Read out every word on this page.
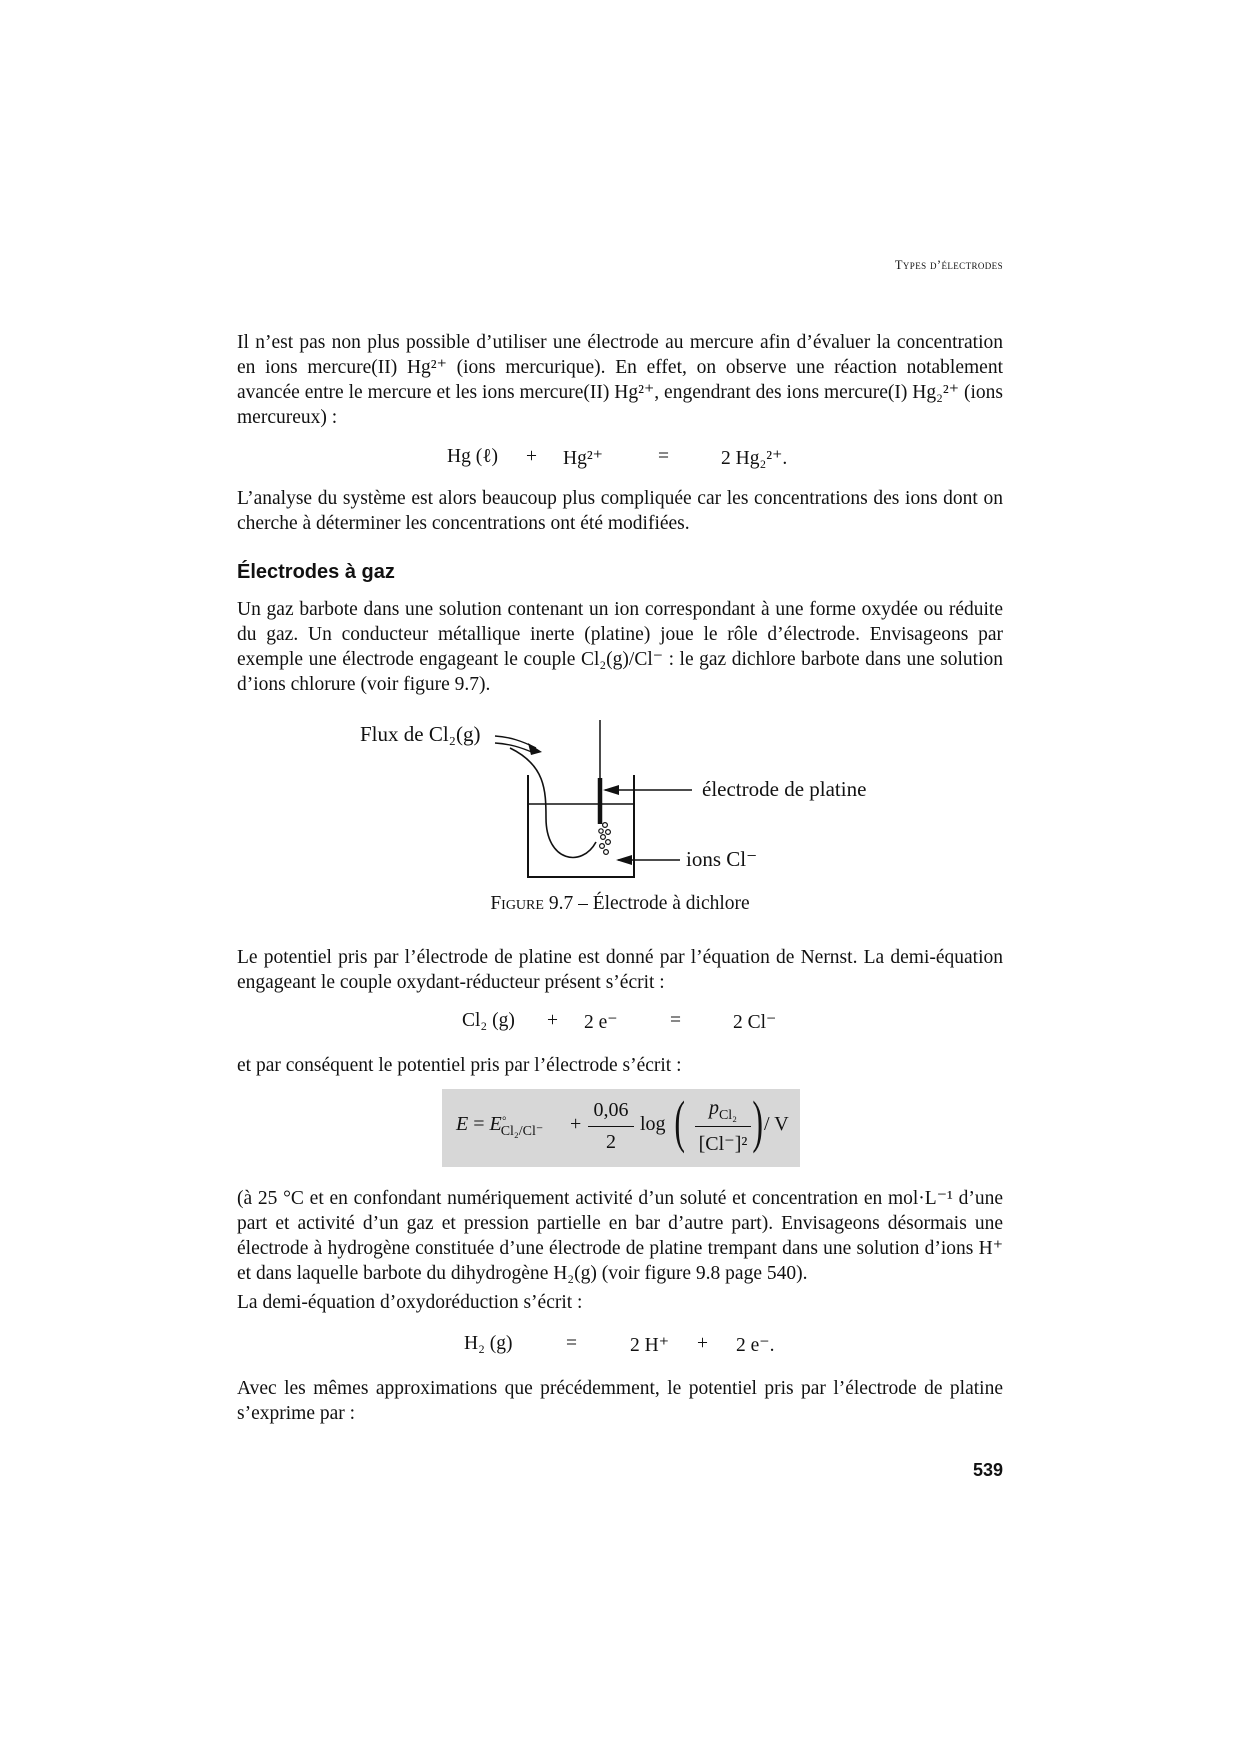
Types d’électrodes

Il n’est pas non plus possible d’utiliser une électrode au mercure afin d’évaluer la concentration en ions mercure(II) Hg²⁺ (ions mercurique). En effet, on observe une réaction notablement avancée entre le mercure et les ions mercure(II) Hg²⁺, engendrant des ions mercure(I) Hg₂²⁺ (ions mercureux) :

Hg (ℓ) + Hg²⁺	=	2 Hg₂²⁺.

L’analyse du système est alors beaucoup plus compliquée car les concentrations des ions dont on cherche à déterminer les concentrations ont été modifiées.

Électrodes à gaz

Un gaz barbote dans une solution contenant un ion correspondant à une forme oxydée ou réduite du gaz. Un conducteur métallique inerte (platine) joue le rôle d’électrode. Envisageons par exemple une électrode engageant le couple Cl₂(g)/Cl⁻ : le gaz dichlore barbote dans une solution d’ions chlorure (voir figure 9.7).

Flux de Cl₂(g)
électrode de platine
ions Cl⁻
Figure 9.7 – Électrode à dichlore

Le potentiel pris par l’électrode de platine est donné par l’équation de Nernst. La demi-équation engageant le couple oxydant-réducteur présent s’écrit :

Cl₂ (g) + 2 e⁻	=	2 Cl⁻

et par conséquent le potentiel pris par l’électrode s’écrit :

$E = E^◦_{Cl_2/Cl^-}$ +
0,06
2
log (	$p_{Cl_2}$
[Cl⁻]² ) / V

(à 25 °C et en confondant numériquement activité d’un soluté et concentration en mol·L⁻¹ d’une part et activité d’un gaz et pression partielle en bar d’autre part). Envisageons désormais une électrode à hydrogène constituée d’une électrode de platine trempant dans une solution d’ions H⁺ et dans laquelle barbote du dihydrogène H₂(g) (voir figure 9.8 page 540).

La demi-équation d’oxydoréduction s’écrit :

H₂ (g)	=	2 H⁺ + 2 e⁻.

Avec les mêmes approximations que précédemment, le potentiel pris par l’électrode de platine s’exprime par :

539
